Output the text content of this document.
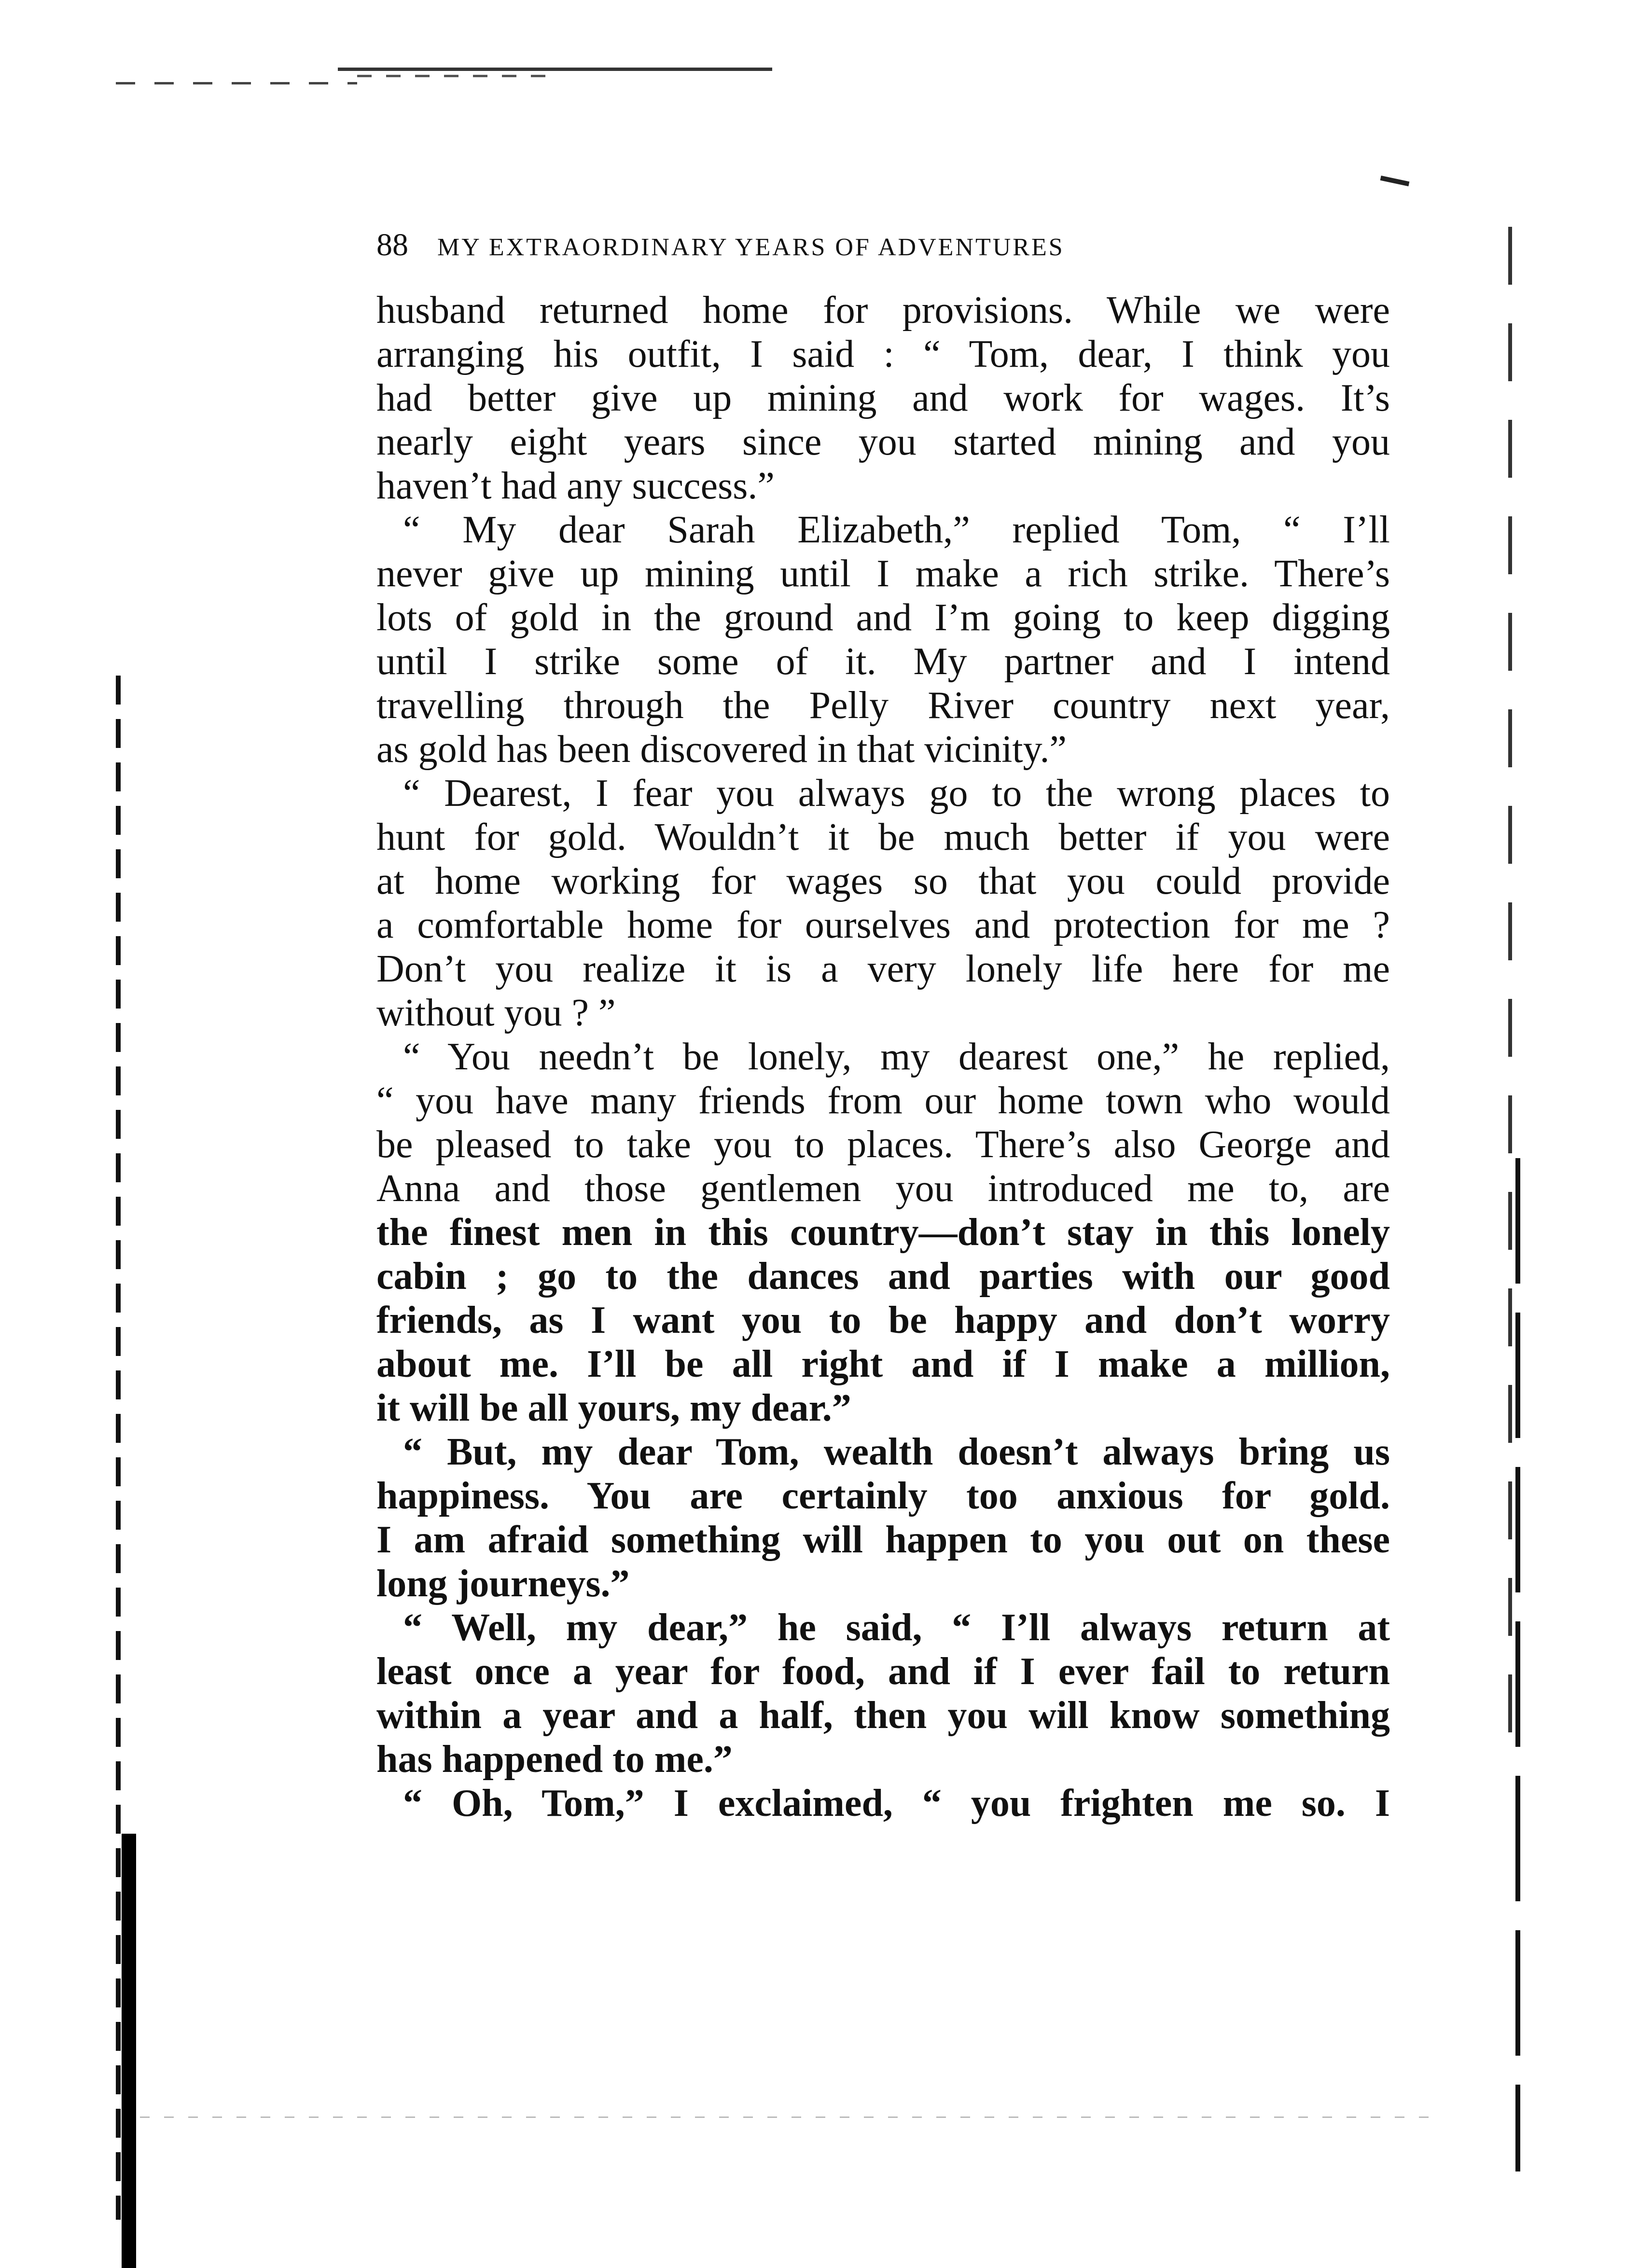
88 MY EXTRAORDINARY YEARS OF ADVENTURES
husband returned home for provisions. While we were
arranging his outfit, I said : “ Tom, dear, I think you
had better give up mining and work for wages. It’s
nearly eight years since you started mining and you
haven’t had any success.”
“ My dear Sarah Elizabeth,” replied Tom, “ I’ll
never give up mining until I make a rich strike. There’s
lots of gold in the ground and I’m going to keep digging
until I strike some of it. My partner and I intend
travelling through the Pelly River country next year,
as gold has been discovered in that vicinity.”
“ Dearest, I fear you always go to the wrong places to
hunt for gold. Wouldn’t it be much better if you were
at home working for wages so that you could provide
a comfortable home for ourselves and protection for me ?
Don’t you realize it is a very lonely life here for me
without you ? ”
“ You needn’t be lonely, my dearest one,” he replied,
“ you have many friends from our home town who would
be pleased to take you to places. There’s also George and
Anna and those gentlemen you introduced me to, are
the finest men in this country—don’t stay in this lonely
cabin ; go to the dances and parties with our good
friends, as I want you to be happy and don’t worry
about me. I’ll be all right and if I make a million,
it will be all yours, my dear.”
“ But, my dear Tom, wealth doesn’t always bring us
happiness. You are certainly too anxious for gold.
I am afraid something will happen to you out on these
long journeys.”
“ Well, my dear,” he said, “ I’ll always return at
least once a year for food, and if I ever fail to return
within a year and a half, then you will know something
has happened to me.”
“ Oh, Tom,” I exclaimed, “ you frighten me so. I
